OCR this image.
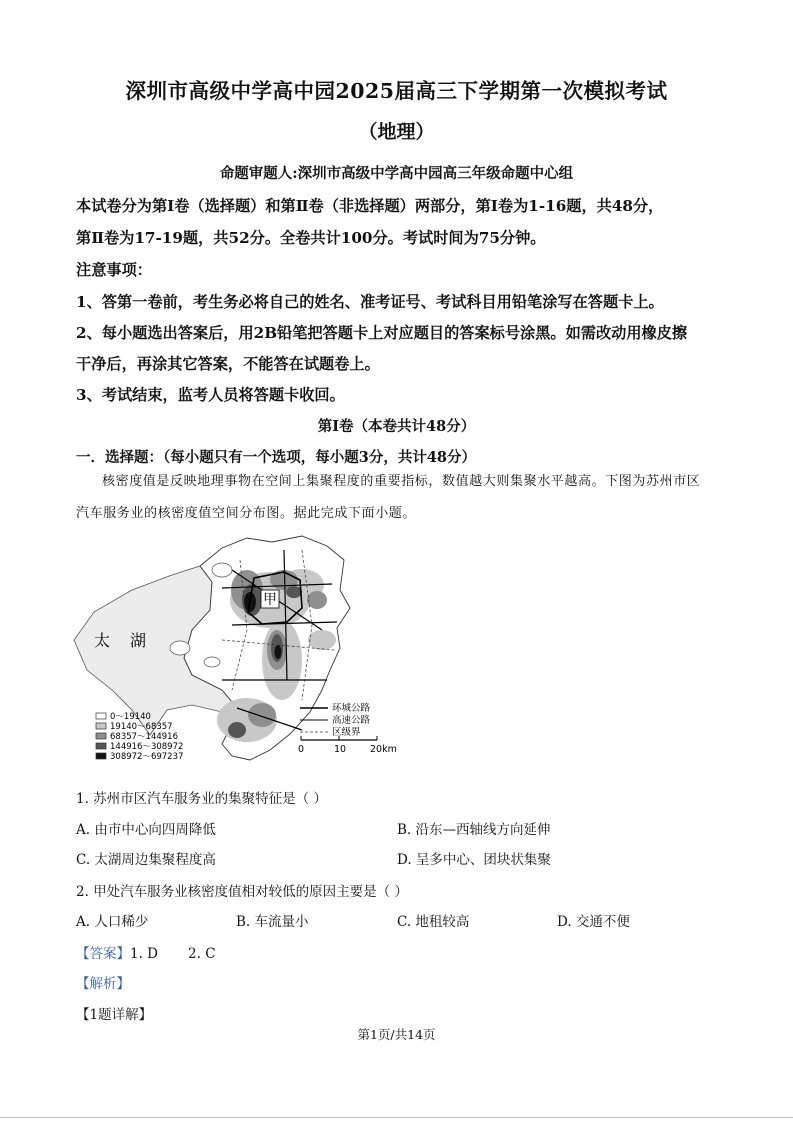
深圳市高级中学高中园2025届高三下学期第一次模拟考试
（地理）
命题审题人:深圳市高级中学高中园高三年级命题中心组
本试卷分为第Ⅰ卷（选择题）和第Ⅱ卷（非选择题）两部分，第Ⅰ卷为1-16题，共48分，
第Ⅱ卷为17-19题，共52分。全卷共计100分。考试时间为75分钟。
注意事项：
1、答第一卷前，考生务必将自己的姓名、准考证号、考试科目用铅笔涂写在答题卡上。
2、每小题选出答案后，用2B铅笔把答题卡上对应题目的答案标号涂黑。如需改动用橡皮擦
干净后，再涂其它答案，不能答在试题卷上。
3、考试结束，监考人员将答题卡收回。
第Ⅰ卷（本卷共计48分）
一．选择题：（每小题只有一个选项，每小题3分，共计48分）
核密度值是反映地理事物在空间上集聚程度的重要指标，数值越大则集聚水平越高。下图为苏州市区
汽车服务业的核密度值空间分布图。据此完成下面小题。
甲
太 湖
0～19140
19140～68357
68357～144916
144916～308972
308972～697237
环城公路
高速公路
区级界
0	10	20km
1. 苏州市区汽车服务业的集聚特征是（ ）
A. 由市中心向四周降低	B. 沿东—西轴线方向延伸
C. 太湖周边集聚程度高	D. 呈多中心、团块状集聚
2. 甲处汽车服务业核密度值相对较低的原因主要是（ ）
A. 人口稀少	B. 车流量小	C. 地租较高	D. 交通不便
【答案】1. D       2. C
【解析】
【1题详解】
第1页/共14页
